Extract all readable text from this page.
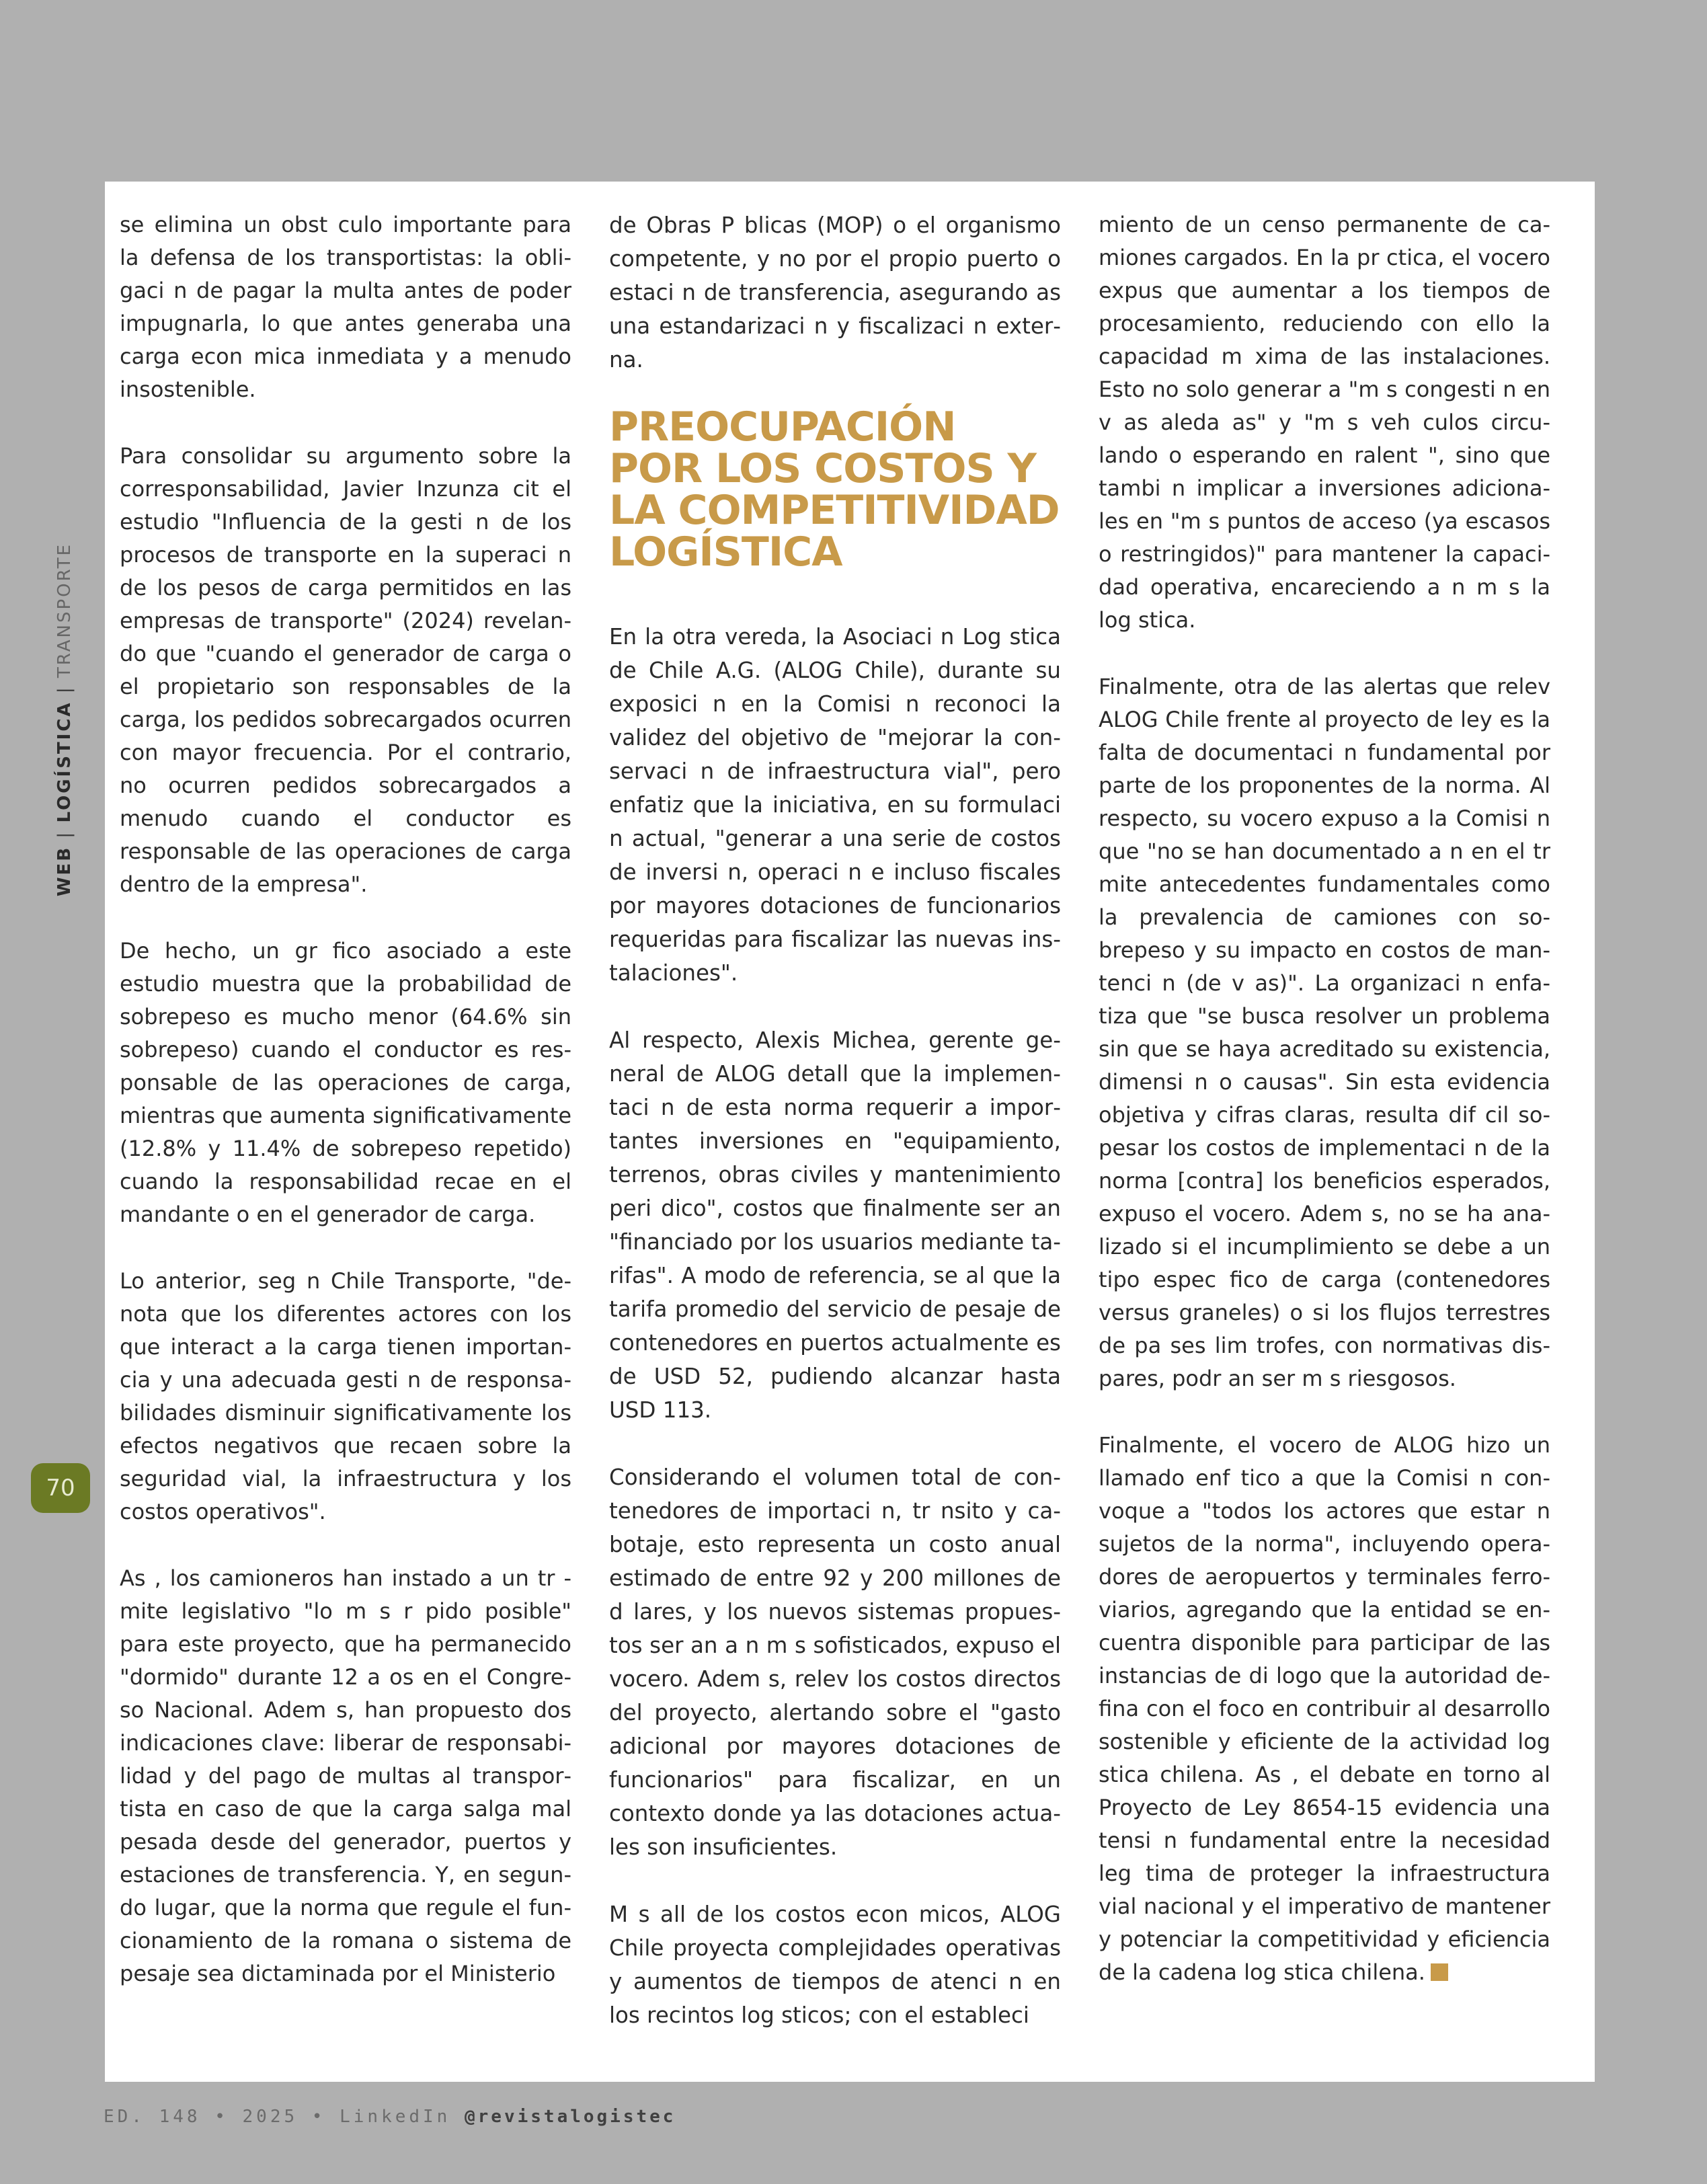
WEB | LOGÍSTICA | TRANSPORTE
70

se elimina un obst culo importante para la defensa de los transportistas: la obligaci n de pagar la multa antes de poder impugnarla, lo que antes generaba una carga econ mica inmediata y a menudo insostenible.

Para consolidar su argumento sobre la corresponsabilidad, Javier Inzunza cit el estudio "Influencia de la gesti n de los procesos de transporte en la superaci n de los pesos de carga permitidos en las empresas de transporte" (2024) revelando que "cuando el generador de carga o el propietario son responsables de la carga, los pedidos sobrecargados ocurren con mayor frecuencia. Por el contrario, no ocurren pedidos sobrecargados a menudo cuando el conductor es responsable de las operaciones de carga dentro de la empresa".

De hecho, un gr fico asociado a este estudio muestra que la probabilidad de sobrepeso es mucho menor (64.6% sin sobrepeso) cuando el conductor es responsable de las operaciones de carga, mientras que aumenta significativamente (12.8% y 11.4% de sobrepeso repetido) cuando la responsabilidad recae en el mandante o en el generador de carga.

Lo anterior, seg n Chile Transporte, "denota que los diferentes actores con los que interact a la carga tienen importancia y una adecuada gesti n de responsabilidades disminuir significativamente los efectos negativos que recaen sobre la seguridad vial, la infraestructura y los costos operativos".

As , los camioneros han instado a un tr mite legislativo "lo m s r pido posible" para este proyecto, que ha permanecido "dormido" durante 12 a os en el Congreso Nacional. Adem s, han propuesto dos indicaciones clave: liberar de responsabilidad y del pago de multas al transportista en caso de que la carga salga mal pesada desde del generador, puertos y estaciones de transferencia. Y, en segundo lugar, que la norma que regule el funcionamiento de la romana o sistema de pesaje sea dictaminada por el Ministerio

de Obras P blicas (MOP) o el organismo competente, y no por el propio puerto o estaci n de transferencia, asegurando as una estandarizaci n y fiscalizaci n externa.

PREOCUPACIÓN POR LOS COSTOS Y LA COMPETITIVIDAD LOGÍSTICA

En la otra vereda, la Asociaci n Log stica de Chile A.G. (ALOG Chile), durante su exposici n en la Comisi n reconoci la validez del objetivo de "mejorar la conservaci n de infraestructura vial", pero enfatiz que la iniciativa, en su formulaci n actual, "generar a una serie de costos de inversi n, operaci n e incluso fiscales por mayores dotaciones de funcionarios requeridas para fiscalizar las nuevas instalaciones".

Al respecto, Alexis Michea, gerente general de ALOG detall que la implementaci n de esta norma requerir a importantes inversiones en "equipamiento, terrenos, obras civiles y mantenimiento peri dico", costos que finalmente ser an "financiado por los usuarios mediante tarifas". A modo de referencia, se al que la tarifa promedio del servicio de pesaje de contenedores en puertos actualmente es de USD 52, pudiendo alcanzar hasta USD 113.

Considerando el volumen total de contenedores de importaci n, tr nsito y cabotaje, esto representa un costo anual estimado de entre 92 y 200 millones de d lares, y los nuevos sistemas propuestos ser an a n m s sofisticados, expuso el vocero. Adem s, relev los costos directos del proyecto, alertando sobre el "gasto adicional por mayores dotaciones de funcionarios" para fiscalizar, en un contexto donde ya las dotaciones actuales son insuficientes.

M s all de los costos econ micos, ALOG Chile proyecta complejidades operativas y aumentos de tiempos de atenci n en los recintos log sticos; con el estableci

miento de un censo permanente de camiones cargados. En la pr ctica, el vocero expus que aumentar a los tiempos de procesamiento, reduciendo con ello la capacidad m xima de las instalaciones. Esto no solo generar a "m s congesti n en v as aleda as" y "m s veh culos circulando o esperando en ralent ", sino que tambi n implicar a inversiones adicionales en "m s puntos de acceso (ya escasos o restringidos)" para mantener la capacidad operativa, encareciendo a n m s la log stica.

Finalmente, otra de las alertas que relev ALOG Chile frente al proyecto de ley es la falta de documentaci n fundamental por parte de los proponentes de la norma. Al respecto, su vocero expuso a la Comisi n que "no se han documentado a n en el tr mite antecedentes fundamentales como la prevalencia de camiones con sobrepeso y su impacto en costos de mantenci n (de v as)". La organizaci n enfatiza que "se busca resolver un problema sin que se haya acreditado su existencia, dimensi n o causas". Sin esta evidencia objetiva y cifras claras, resulta dif cil sopesar los costos de implementaci n de la norma [contra] los beneficios esperados, expuso el vocero. Adem s, no se ha analizado si el incumplimiento se debe a un tipo espec fico de carga (contenedores versus graneles) o si los flujos terrestres de pa ses lim trofes, con normativas dispares, podr an ser m s riesgosos.

Finalmente, el vocero de ALOG hizo un llamado enf tico a que la Comisi n convoque a "todos los actores que estar n sujetos de la norma", incluyendo operadores de aeropuertos y terminales ferroviarios, agregando que la entidad se encuentra disponible para participar de las instancias de di logo que la autoridad defina con el foco en contribuir al desarrollo sostenible y eficiente de la actividad log stica chilena. As , el debate en torno al Proyecto de Ley 8654-15 evidencia una tensi n fundamental entre la necesidad leg tima de proteger la infraestructura vial nacional y el imperativo de mantener y potenciar la competitividad y eficiencia de la cadena log stica chilena.

ED. 148 • 2025 • LinkedIn @revistalogistec
